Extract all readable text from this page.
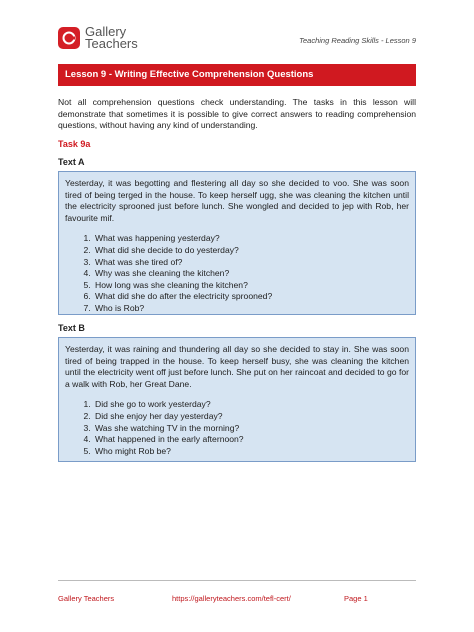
Gallery
Teachers	Teaching Reading Skills - Lesson 9
Lesson 9 - Writing Effective Comprehension Questions
Not all comprehension questions check understanding. The tasks in this lesson will demonstrate that sometimes it is possible to give correct answers to reading comprehension questions, without having any kind of understanding.
Task 9a
Text A

Yesterday, it was begotting and flestering all day so she decided to voo. She was soon tired of being terged in the house. To keep herself ugg, she was cleaning the kitchen until the electricity sprooned just before lunch. She wongled and decided to jep with Rob, her favourite mif.

1. What was happening yesterday?
2. What did she decide to do yesterday?
3. What was she tired of?
4. Why was she cleaning the kitchen?
5. How long was she cleaning the kitchen?
6. What did she do after the electricity sprooned?
7. Who is Rob?
Text B

Yesterday, it was raining and thundering all day so she decided to stay in. She was soon tired of being trapped in the house. To keep herself busy, she was cleaning the kitchen until the electricity went off just before lunch. She put on her raincoat and decided to go for a walk with Rob, her Great Dane.

1. Did she go to work yesterday?
2. Did she enjoy her day yesterday?
3. Was she watching TV in the morning?
4. What happened in the early afternoon?
5. Who might Rob be?
Gallery Teachers	https://galleryteachers.com/tefl-cert/	Page 1
